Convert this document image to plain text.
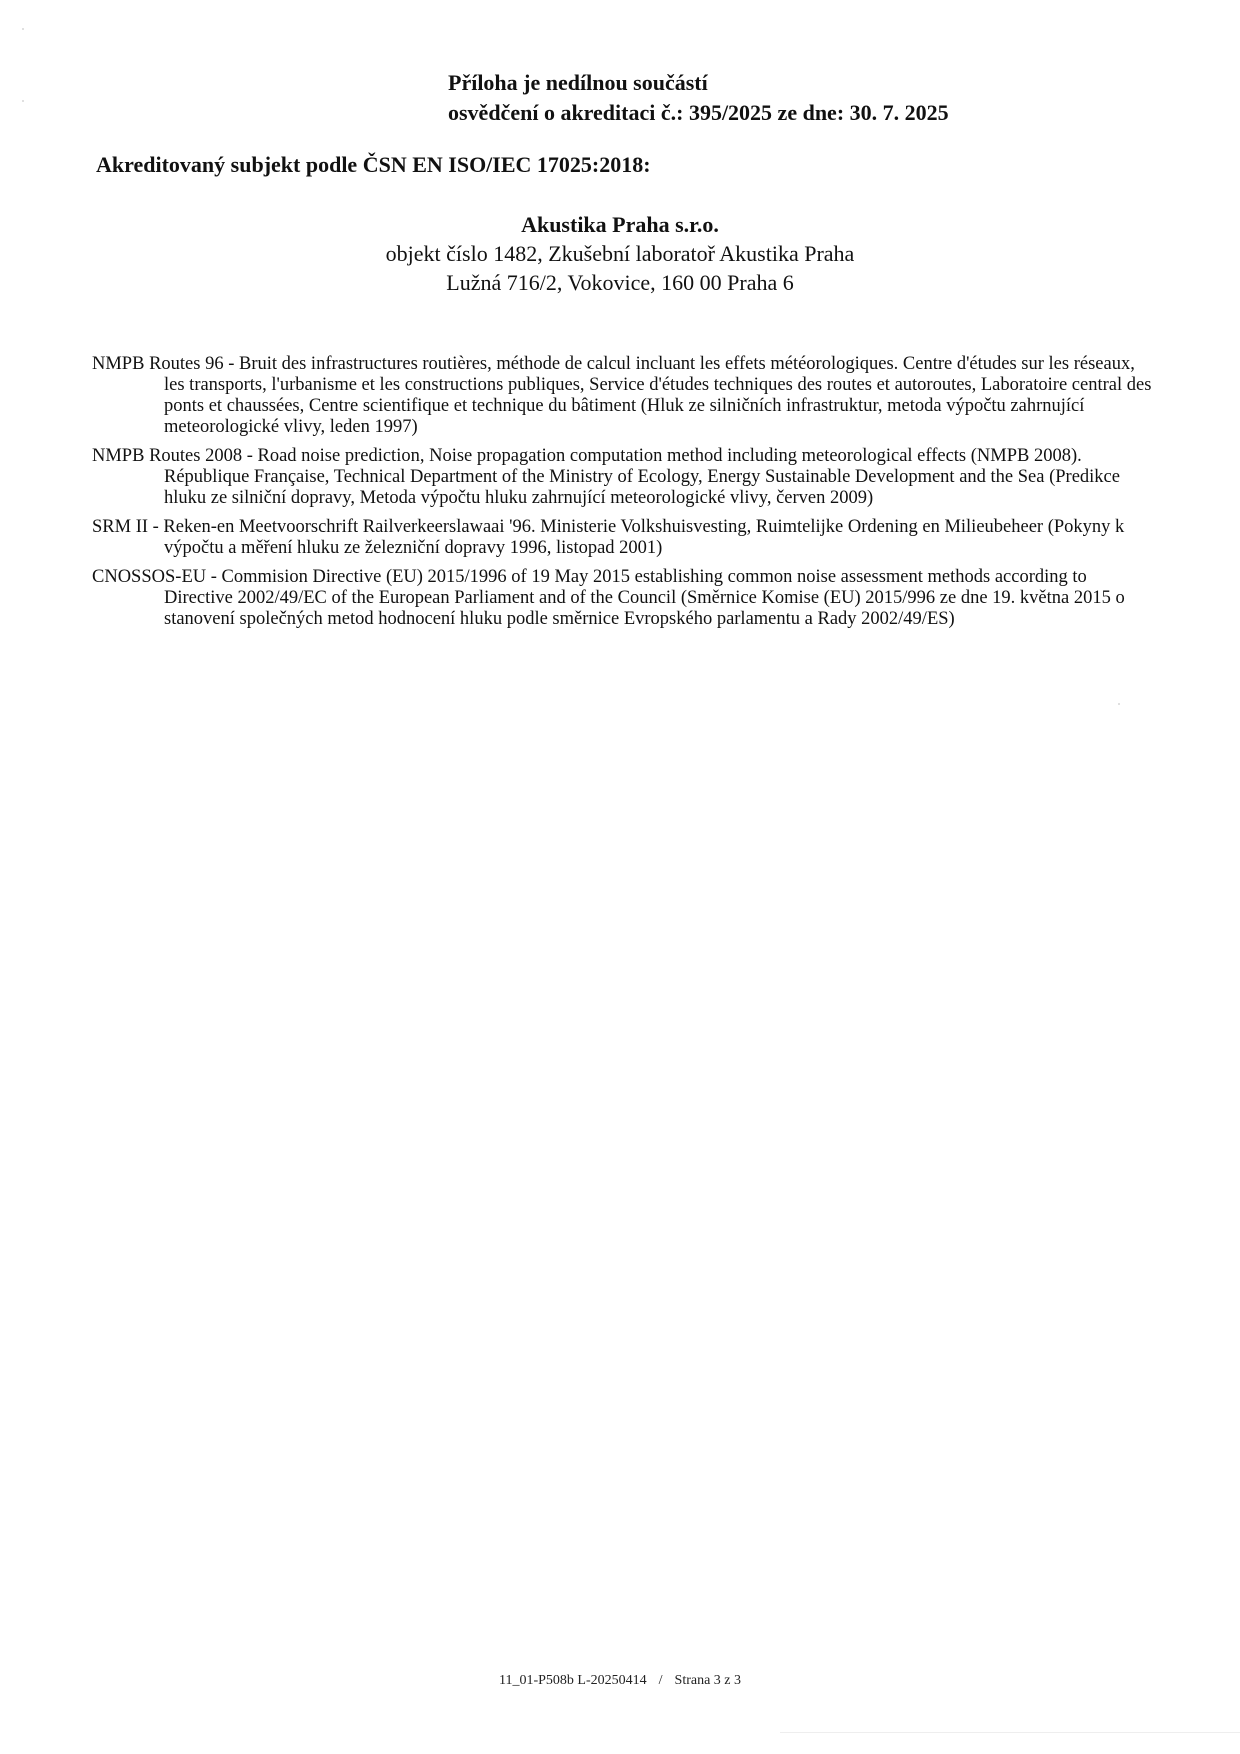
Příloha je nedílnou součástí
osvědčení o akreditaci č.: 395/2025 ze dne: 30. 7. 2025
Akreditovaný subjekt podle ČSN EN ISO/IEC 17025:2018:
Akustika Praha s.r.o.
objekt číslo 1482, Zkušební laboratoř Akustika Praha
Lužná 716/2, Vokovice, 160 00 Praha 6

NMPB Routes 96 - Bruit des infrastructures routières, méthode de calcul incluant les effets météorologiques. Centre d'études sur les réseaux, les transports, l'urbanisme et les constructions publiques, Service d'études techniques des routes et autoroutes, Laboratoire central des ponts et chaussées, Centre scientifique et technique du bâtiment (Hluk ze silničních infrastruktur, metoda výpočtu zahrnující meteorologické vlivy, leden 1997)

NMPB Routes 2008 - Road noise prediction, Noise propagation computation method including meteorological effects (NMPB 2008). République Française, Technical Department of the Ministry of Ecology, Energy Sustainable Development and the Sea (Predikce hluku ze silniční dopravy, Metoda výpočtu hluku zahrnující meteorologické vlivy, červen 2009)

SRM II - Reken-en Meetvoorschrift Railverkeerslawaai '96. Ministerie Volkshuisvesting, Ruimtelijke Ordening en Milieubeheer (Pokyny k výpočtu a měření hluku ze železniční dopravy 1996, listopad 2001)

CNOSSOS-EU - Commision Directive (EU) 2015/1996 of 19 May 2015 establishing common noise assessment methods according to Directive 2002/49/EC of the European Parliament and of the Council (Směrnice Komise (EU) 2015/996 ze dne 19. května 2015 o stanovení společných metod hodnocení hluku podle směrnice Evropského parlamentu a Rady 2002/49/ES)

11_01-P508b L-20250414 / Strana 3 z 3
